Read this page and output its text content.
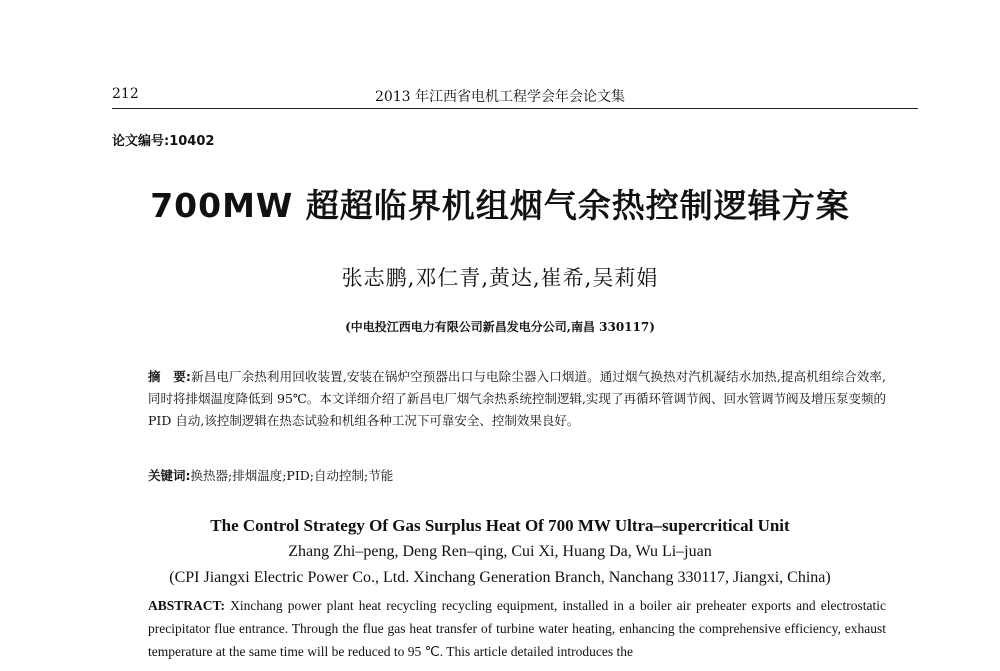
212	2013 年江西省电机工程学会年会论文集
论文编号:10402
700MW 超超临界机组烟气余热控制逻辑方案
张志鹏,邓仁青,黄达,崔希,吴莉娟
(中电投江西电力有限公司新昌发电分公司,南昌 330117)
摘　要:新昌电厂余热利用回收装置,安装在锅炉空预器出口与电除尘器入口烟道。通过烟气换热对汽机凝结水加热,提高机组综合效率,同时将排烟温度降低到 95℃。本文详细介绍了新昌电厂烟气余热系统控制逻辑,实现了再循环管调节阀、回水管调节阀及增压泵变频的 PID 自动,该控制逻辑在热态试验和机组各种工况下可靠安全、控制效果良好。
关键词:换热器;排烟温度;PID;自动控制;节能
The Control Strategy Of Gas Surplus Heat Of 700 MW Ultra–supercritical Unit
Zhang Zhi–peng, Deng Ren–qing, Cui Xi, Huang Da, Wu Li–juan
(CPI Jiangxi Electric Power Co., Ltd. Xinchang Generation Branch, Nanchang 330117, Jiangxi, China)
ABSTRACT: Xinchang power plant heat recycling recycling equipment, installed in a boiler air preheater exports and electrostatic precipitator flue entrance. Through the flue gas heat transfer of turbine water heating, enhancing the comprehensive efficiency, exhaust temperature at the same time will be reduced to 95 ℃. This article detailed introduces the
